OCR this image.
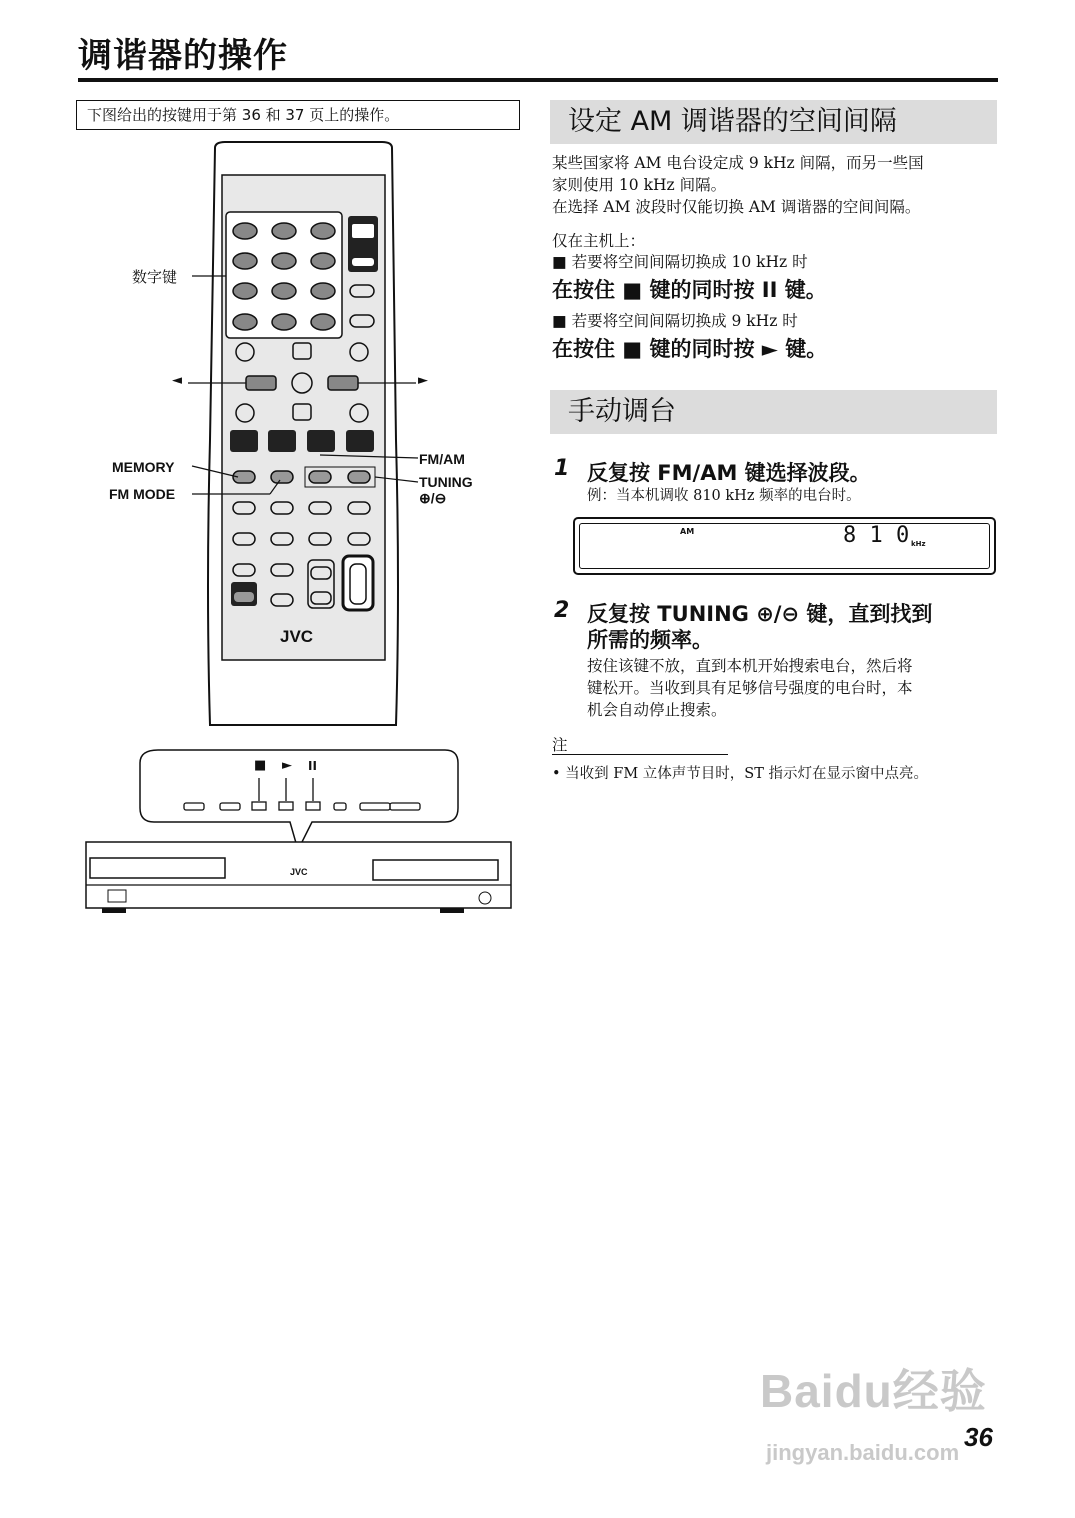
调谐器的操作
下图给出的按键用于第 36 和 37 页上的操作。
数字键
◄	►
MEMORY
FM MODE
FM/AM
TUNING
⊕/⊖
JVC
■ ► II
JVC
设定 AM 调谐器的空间间隔
某些国家将 AM 电台设定成 9 kHz 间隔，而另一些国
家则使用 10 kHz 间隔。
在选择 AM 波段时仅能切换 AM 调谐器的空间间隔。
仅在主机上：
■ 若要将空间间隔切换成 10 kHz 时
在按住 ■ 键的同时按 II 键。
■ 若要将空间间隔切换成 9 kHz 时
在按住 ■ 键的同时按 ► 键。
手动调台
1 反复按 FM/AM 键选择波段。
例：当本机调收 810 kHz 频率的电台时。
AM	8 1 0 kHz
2 反复按 TUNING ⊕/⊖ 键，直到找到
所需的频率。
按住该键不放，直到本机开始搜索电台，然后将
键松开。当收到具有足够信号强度的电台时，本
机会自动停止搜索。
注
• 当收到 FM 立体声节目时，ST 指示灯在显示窗中点亮。
Baidu经验
jingyan.baidu.com
36
